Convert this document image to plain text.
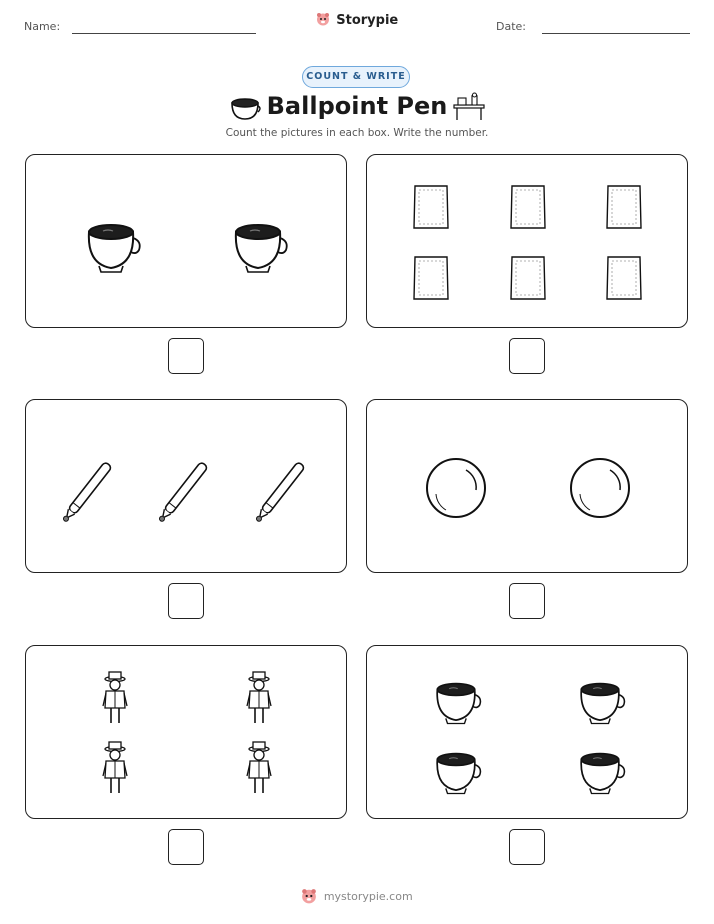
Name:	Storypie	Date:
COUNT & WRITE
Ballpoint Pen
Count the pictures in each box. Write the number.
mystorypie.com
